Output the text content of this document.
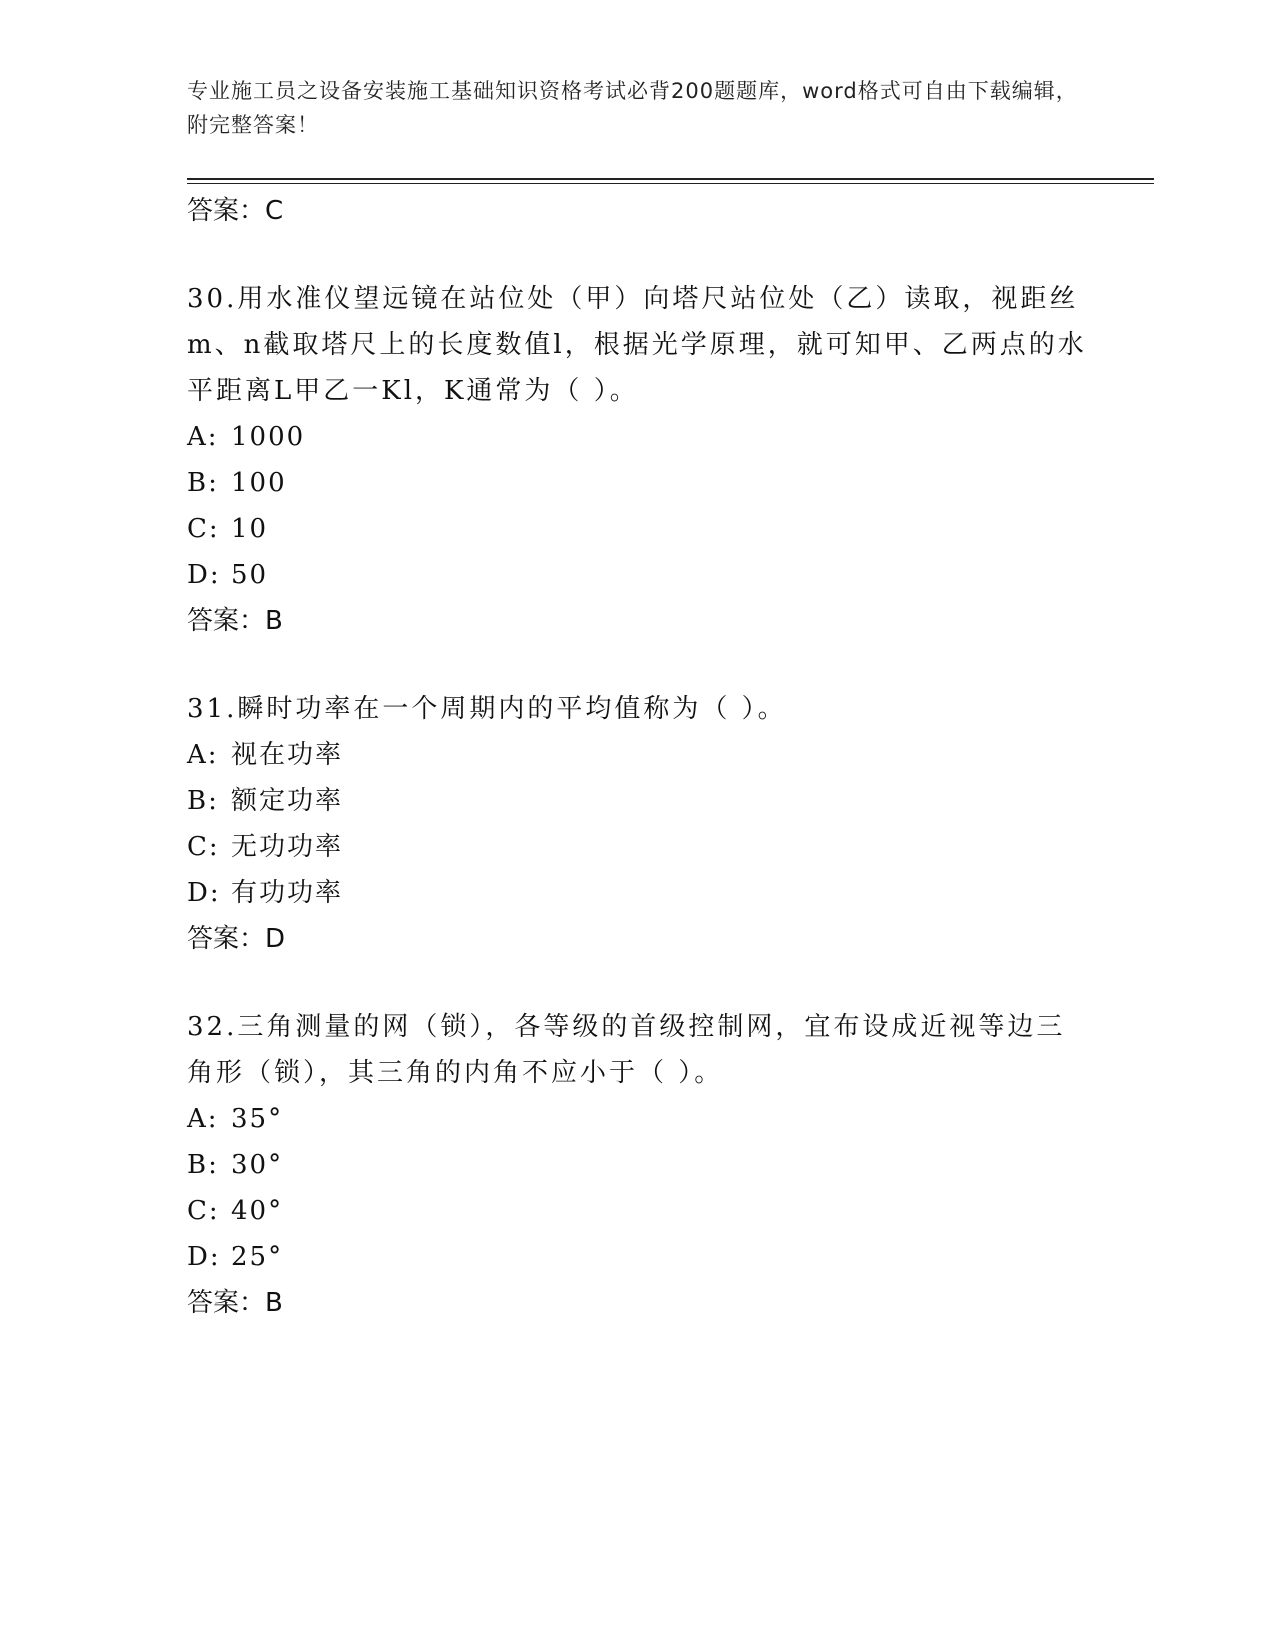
专业施工员之设备安装施工基础知识资格考试必背200题题库，word格式可自由下载编辑，附完整答案！
答案：C
30.用水准仪望远镜在站位处（甲）向塔尺站位处（乙）读取，视距丝m、n截取塔尺上的长度数值l，根据光学原理，就可知甲、乙两点的水平距离L甲乙一Kl，K通常为（ ）。
A: 1000
B: 100
C: 10
D: 50
答案：B
31.瞬时功率在一个周期内的平均值称为（ ）。
A: 视在功率
B: 额定功率
C: 无功功率
D: 有功功率
答案：D
32.三角测量的网（锁），各等级的首级控制网，宜布设成近视等边三角形（锁），其三角的内角不应小于（ ）。
A: 35°
B: 30°
C: 40°
D: 25°
答案：B
